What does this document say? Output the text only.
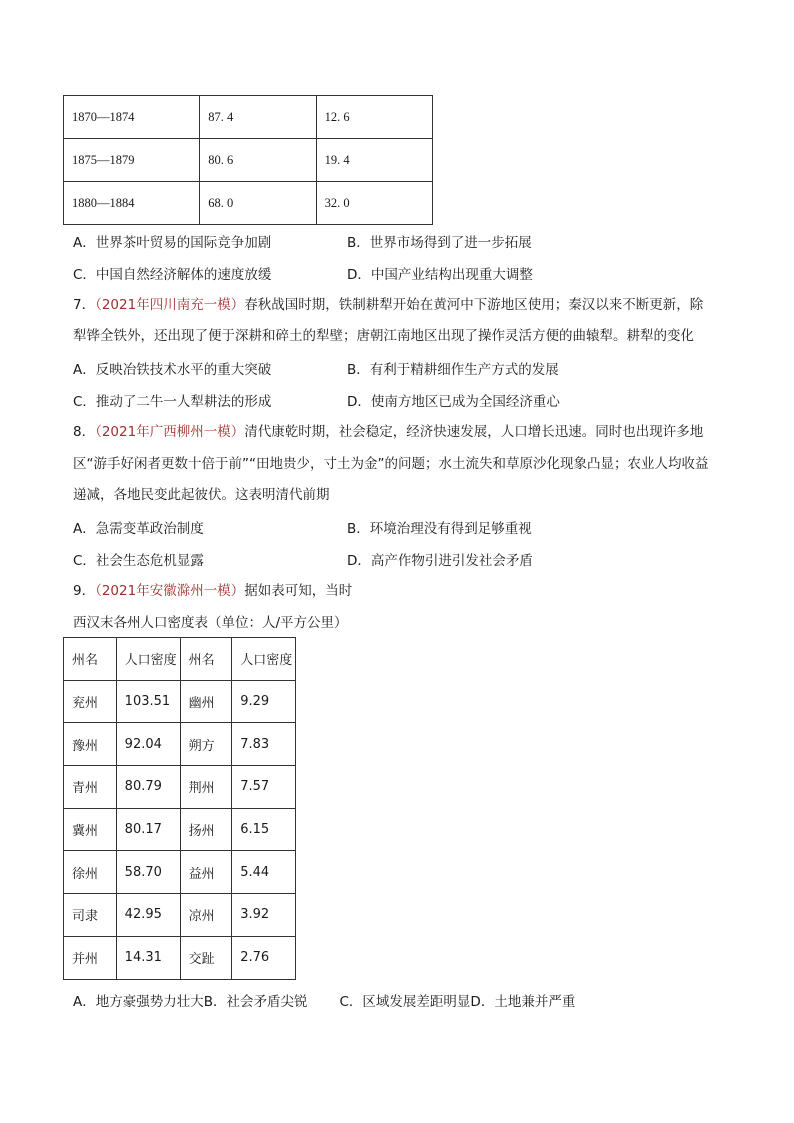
1870—1874	87. 4	12. 6
1875—1879	80. 6	19. 4
1880—1884	68. 0	32. 0
A．世界茶叶贸易的国际竞争加剧	B．世界市场得到了进一步拓展
C．中国自然经济解体的速度放缓	D．中国产业结构出现重大调整
7．（2021年四川南充一模）春秋战国时期，铁制耕犁开始在黄河中下游地区使用；秦汉以来不断更新，除
犁铧全铁外，还出现了便于深耕和碎土的犁壁；唐朝江南地区出现了操作灵活方便的曲辕犁。耕犁的变化
A．反映冶铁技术水平的重大突破	B．有利于精耕细作生产方式的发展
C．推动了二牛一人犁耕法的形成	D．使南方地区已成为全国经济重心
8．（2021年广西柳州一模）清代康乾时期，社会稳定，经济快速发展，人口增长迅速。同时也出现许多地
区“游手好闲者更数十倍于前”“田地贵少，寸土为金”的问题；水土流失和草原沙化现象凸显；农业人均收益
递减，各地民变此起彼伏。这表明清代前期
A．急需变革政治制度	B．环境治理没有得到足够重视
C．社会生态危机显露	D．高产作物引进引发社会矛盾
9．（2021年安徽滁州一模）据如表可知，当时
西汉末各州人口密度表（单位：人/平方公里）
州名	人口密度	州名	人口密度
兖州	103.51	幽州	9.29
豫州	92.04	朔方	7.83
青州	80.79	荆州	7.57
冀州	80.17	扬州	6.15
徐州	58.70	益州	5.44
司隶	42.95	凉州	3.92
并州	14.31	交趾	2.76
A．地方豪强势力壮大B．社会矛盾尖锐 C．区域发展差距明显D．土地兼并严重
